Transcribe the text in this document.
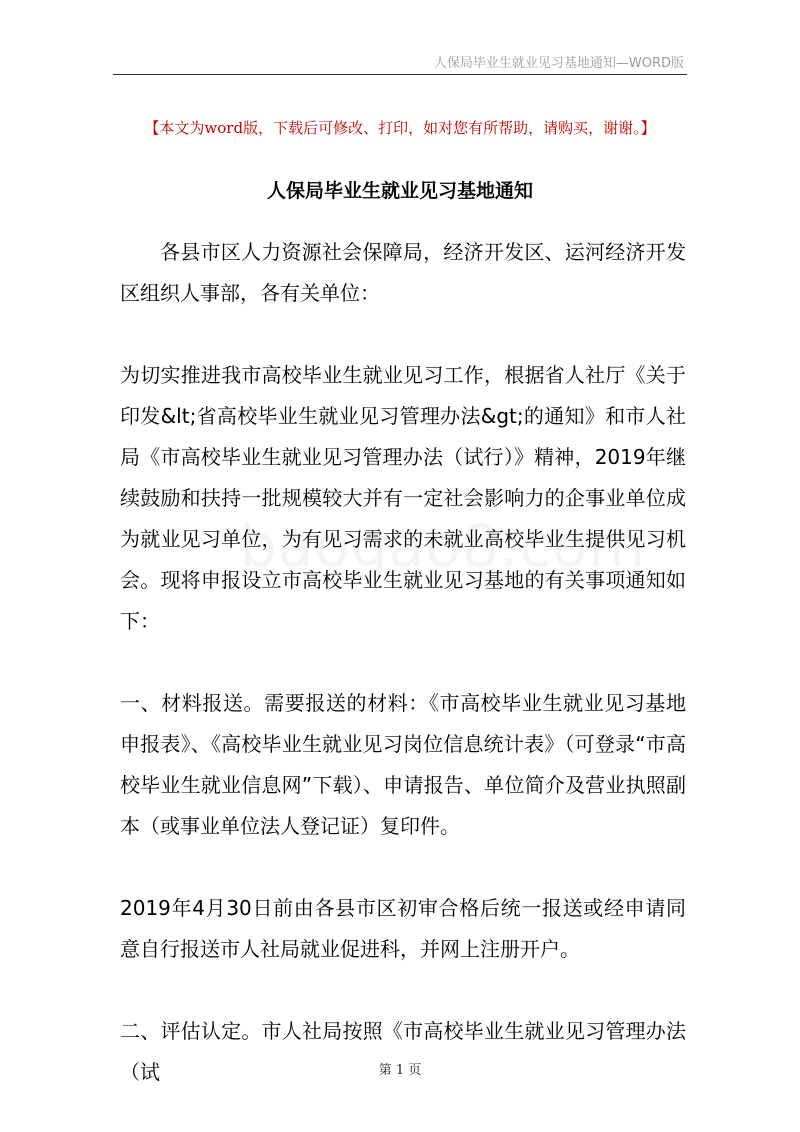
人保局毕业生就业见习基地通知—WORD版
【本文为word版，下载后可修改、打印，如对您有所帮助，请购买，谢谢。】
人保局毕业生就业见习基地通知

各县市区人力资源社会保障局，经济开发区、运河经济开发区组织人事部，各有关单位：

为切实推进我市高校毕业生就业见习工作，根据省人社厅《关于印发&lt;省高校毕业生就业见习管理办法&gt;的通知》和市人社局《市高校毕业生就业见习管理办法（试行）》精神，2019年继续鼓励和扶持一批规模较大并有一定社会影响力的企事业单位成为就业见习单位，为有见习需求的未就业高校毕业生提供见习机会。现将申报设立市高校毕业生就业见习基地的有关事项通知如下：

一、材料报送。需要报送的材料：《市高校毕业生就业见习基地申报表》、《高校毕业生就业见习岗位信息统计表》（可登录“市高校毕业生就业信息网”下载）、申请报告、单位简介及营业执照副本（或事业单位法人登记证）复印件。

2019年4月30日前由各县市区初审合格后统一报送或经申请同意自行报送市人社局就业促进科，并网上注册开户。

二、评估认定。市人社局按照《市高校毕业生就业见习管理办法（试	第 1 页
